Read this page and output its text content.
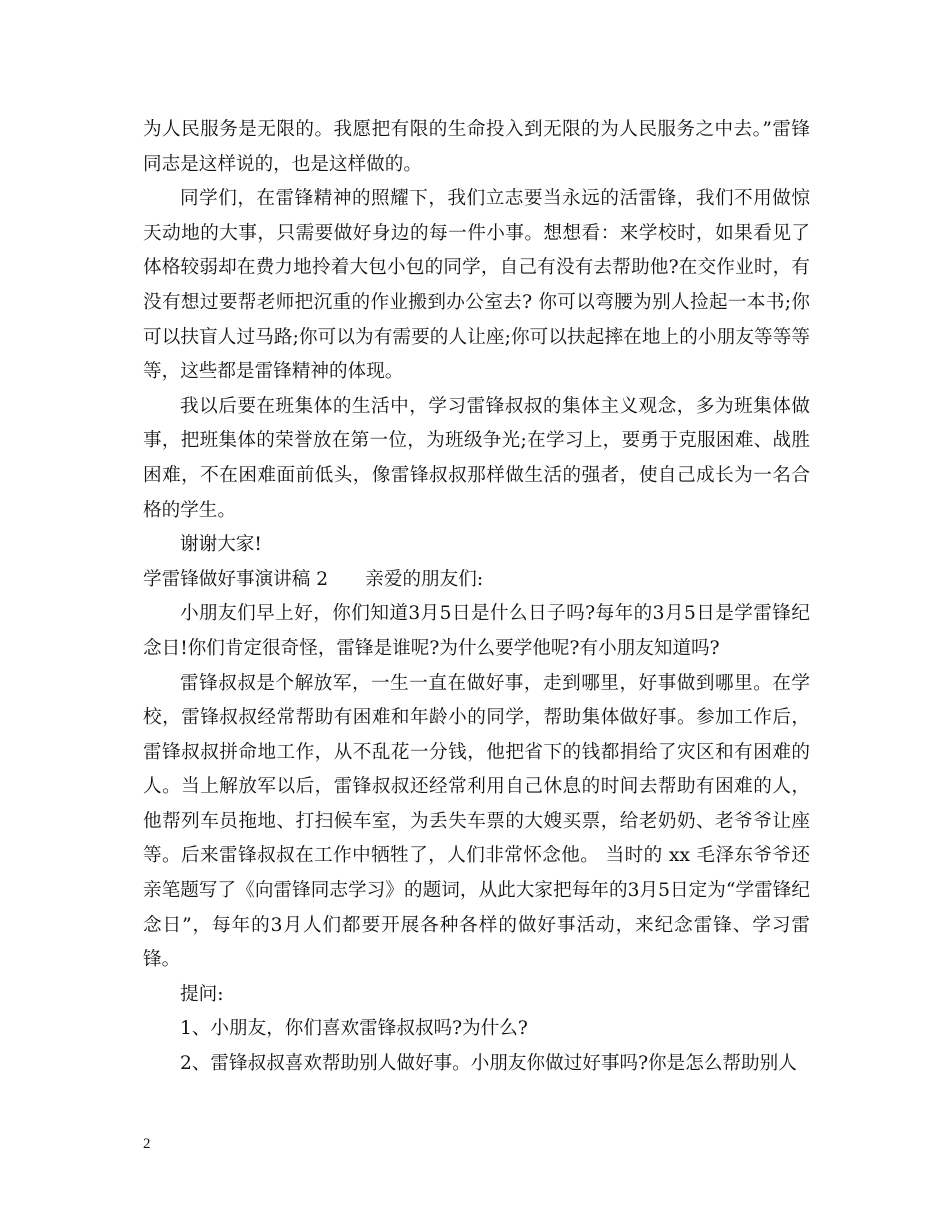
为人民服务是无限的。我愿把有限的生命投入到无限的为人民服务之中去。”雷锋同志是这样说的，也是这样做的。

同学们，在雷锋精神的照耀下，我们立志要当永远的活雷锋，我们不用做惊天动地的大事，只需要做好身边的每一件小事。想想看：来学校时，如果看见了体格较弱却在费力地拎着大包小包的同学，自己有没有去帮助他?在交作业时，有没有想过要帮老师把沉重的作业搬到办公室去? 你可以弯腰为别人捡起一本书;你可以扶盲人过马路;你可以为有需要的人让座;你可以扶起摔在地上的小朋友等等等等，这些都是雷锋精神的体现。

我以后要在班集体的生活中，学习雷锋叔叔的集体主义观念，多为班集体做事，把班集体的荣誉放在第一位，为班级争光;在学习上，要勇于克服困难、战胜困难，不在困难面前低头，像雷锋叔叔那样做生活的强者，使自己成长为一名合格的学生。

谢谢大家!

学雷锋做好事演讲稿 2　　亲爱的朋友们:

小朋友们早上好，你们知道3月5日是什么日子吗?每年的3月5日是学雷锋纪念日!你们肯定很奇怪，雷锋是谁呢?为什么要学他呢?有小朋友知道吗?

雷锋叔叔是个解放军，一生一直在做好事，走到哪里，好事做到哪里。在学校，雷锋叔叔经常帮助有困难和年龄小的同学，帮助集体做好事。参加工作后，雷锋叔叔拼命地工作，从不乱花一分钱，他把省下的钱都捐给了灾区和有困难的人。当上解放军以后，雷锋叔叔还经常利用自己休息的时间去帮助有困难的人，他帮列车员拖地、打扫候车室，为丢失车票的大嫂买票，给老奶奶、老爷爷让座等。后来雷锋叔叔在工作中牺牲了，人们非常怀念他。 当时的 xx 毛泽东爷爷还亲笔题写了《向雷锋同志学习》的题词，从此大家把每年的3月5日定为“学雷锋纪念日”，每年的3月人们都要开展各种各样的做好事活动，来纪念雷锋、学习雷锋。

提问:

1、小朋友，你们喜欢雷锋叔叔吗?为什么?

2、雷锋叔叔喜欢帮助别人做好事。小朋友你做过好事吗?你是怎么帮助别人

2
